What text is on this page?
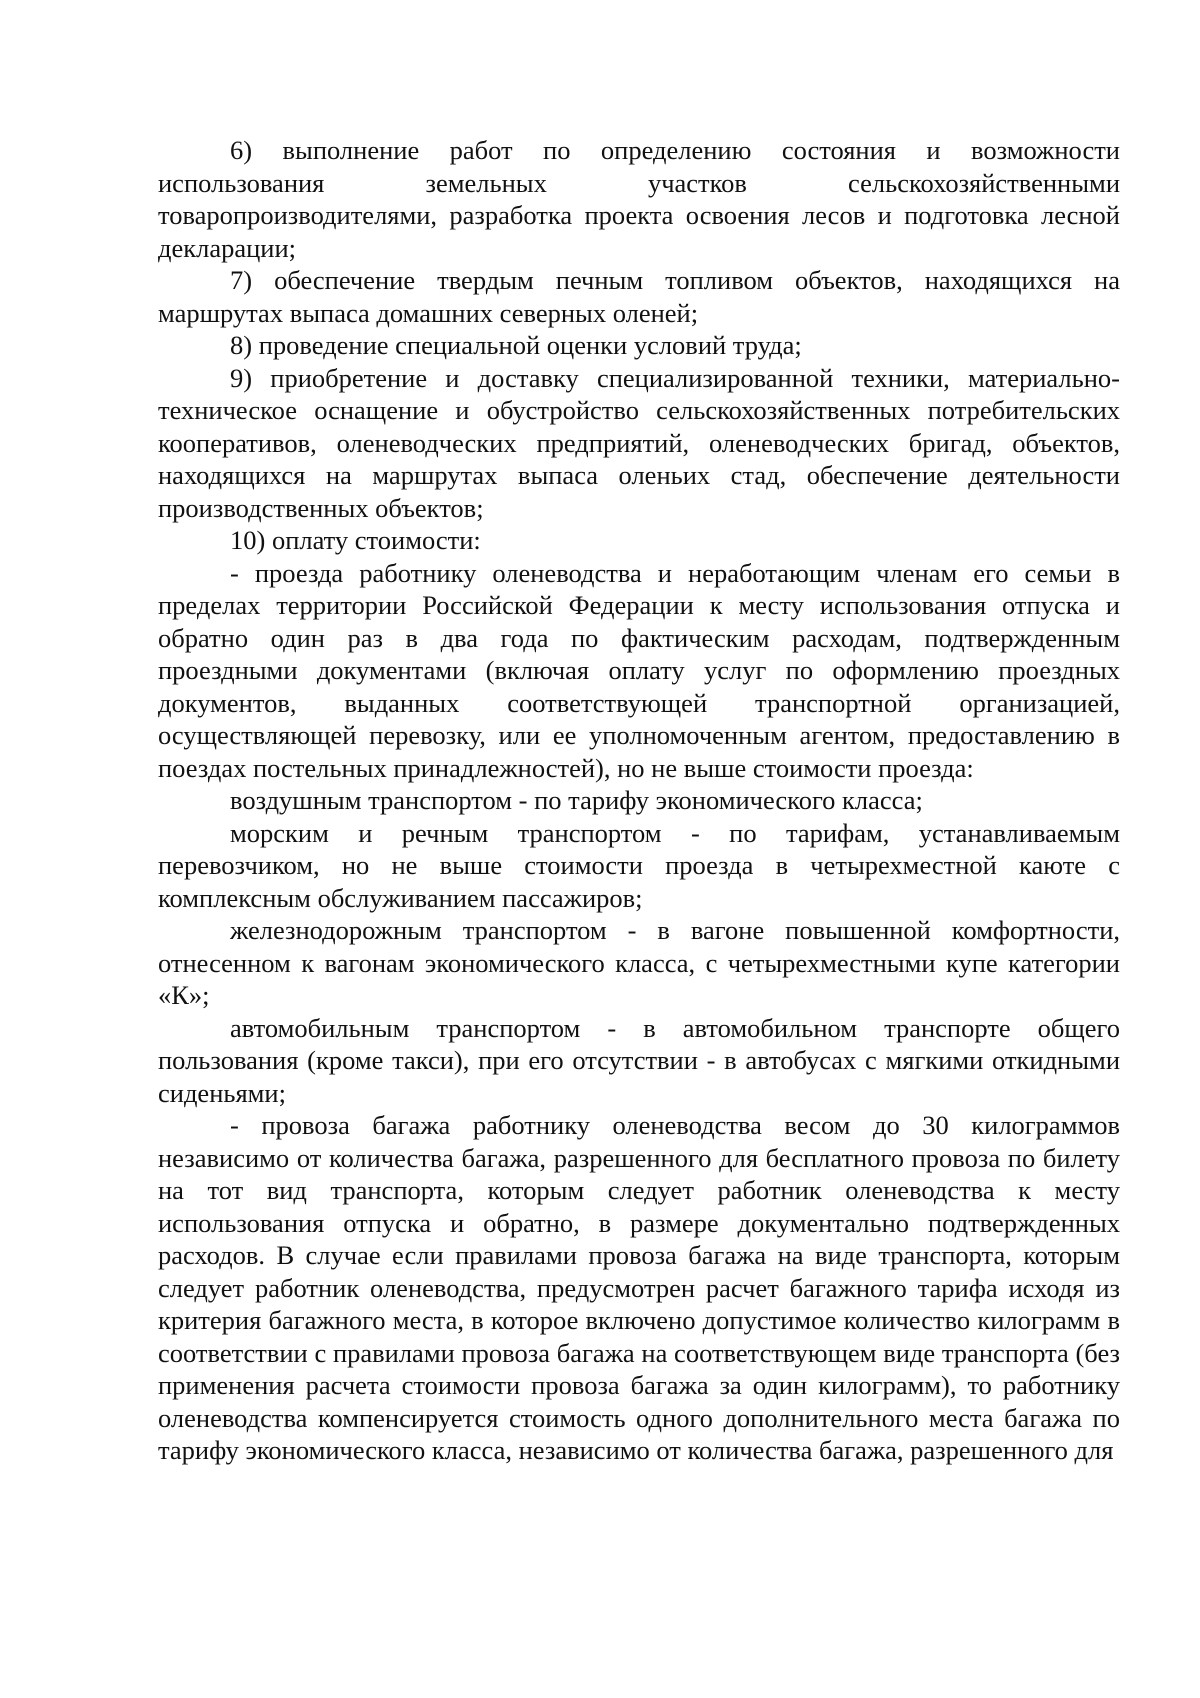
6) выполнение работ по определению состояния и возможности использования земельных участков сельскохозяйственными товаропроизводителями, разработка проекта освоения лесов и подготовка лесной декларации;

7) обеспечение твердым печным топливом объектов, находящихся на маршрутах выпаса домашних северных оленей;

8) проведение специальной оценки условий труда;

9) приобретение и доставку специализированной техники, материально-техническое оснащение и обустройство сельскохозяйственных потребительских кооперативов, оленеводческих предприятий, оленеводческих бригад, объектов, находящихся на маршрутах выпаса оленьих стад, обеспечение деятельности производственных объектов;

10) оплату стоимости:

- проезда работнику оленеводства и неработающим членам его семьи в пределах территории Российской Федерации к месту использования отпуска и обратно один раз в два года по фактическим расходам, подтвержденным проездными документами (включая оплату услуг по оформлению проездных документов, выданных соответствующей транспортной организацией, осуществляющей перевозку, или ее уполномоченным агентом, предоставлению в поездах постельных принадлежностей), но не выше стоимости проезда:

воздушным транспортом - по тарифу экономического класса;

морским и речным транспортом - по тарифам, устанавливаемым перевозчиком, но не выше стоимости проезда в четырехместной каюте с комплексным обслуживанием пассажиров;

железнодорожным транспортом - в вагоне повышенной комфортности, отнесенном к вагонам экономического класса, с четырехместными купе категории «К»;

автомобильным транспортом - в автомобильном транспорте общего пользования (кроме такси), при его отсутствии - в автобусах с мягкими откидными сиденьями;

- провоза багажа работнику оленеводства весом до 30 килограммов независимо от количества багажа, разрешенного для бесплатного провоза по билету на тот вид транспорта, которым следует работник оленеводства к месту использования отпуска и обратно, в размере документально подтвержденных расходов. В случае если правилами провоза багажа на виде транспорта, которым следует работник оленеводства, предусмотрен расчет багажного тарифа исходя из критерия багажного места, в которое включено допустимое количество килограмм в соответствии с правилами провоза багажа на соответствующем виде транспорта (без применения расчета стоимости провоза багажа за один килограмм), то работнику оленеводства компенсируется стоимость одного дополнительного места багажа по тарифу экономического класса, независимо от количества багажа, разрешенного для
